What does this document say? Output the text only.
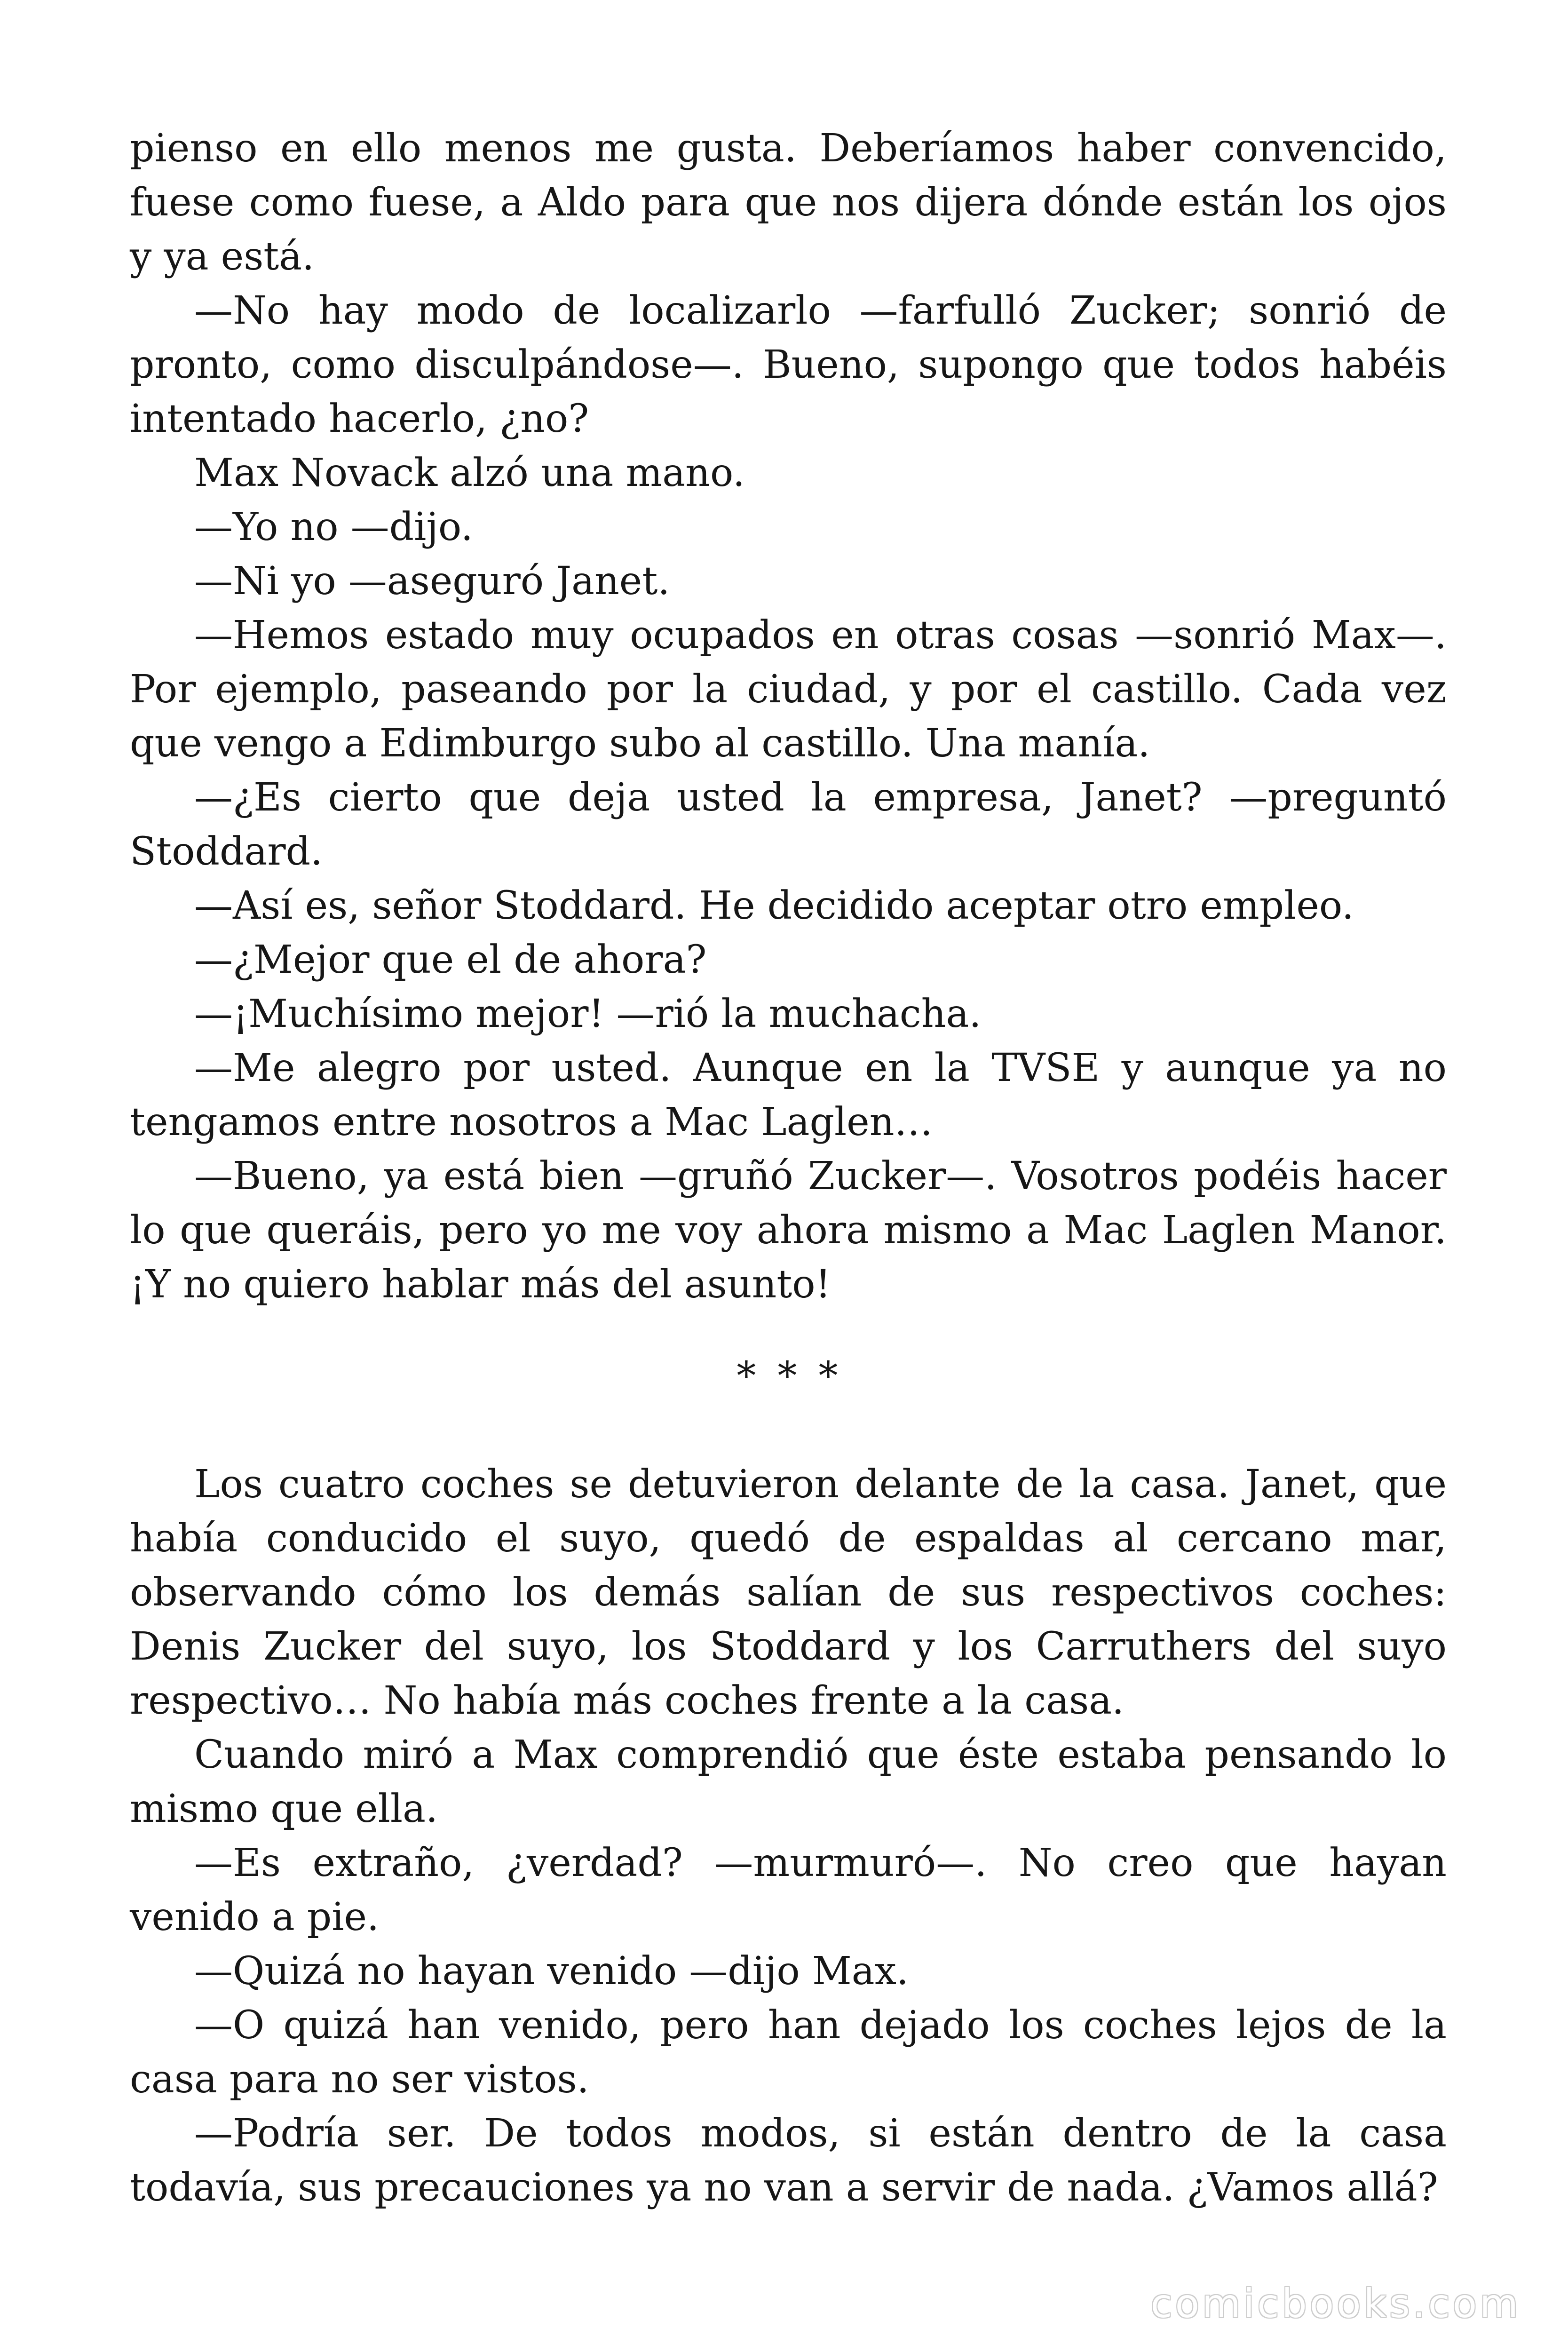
pienso en ello menos me gusta. Deberíamos haber convencido, fuese como fuese, a Aldo para que nos dijera dónde están los ojos y ya está.

—No hay modo de localizarlo —farfulló Zucker; sonrió de pronto, como disculpándose—. Bueno, supongo que todos habéis intentado hacerlo, ¿no?

Max Novack alzó una mano.

—Yo no —dijo.

—Ni yo —aseguró Janet.

—Hemos estado muy ocupados en otras cosas —sonrió Max—. Por ejemplo, paseando por la ciudad, y por el castillo. Cada vez que vengo a Edimburgo subo al castillo. Una manía.

—¿Es cierto que deja usted la empresa, Janet? —preguntó Stoddard.

—Así es, señor Stoddard. He decidido aceptar otro empleo.

—¿Mejor que el de ahora?

—¡Muchísimo mejor! —rió la muchacha.

—Me alegro por usted. Aunque en la TVSE y aunque ya no tengamos entre nosotros a Mac Laglen…

—Bueno, ya está bien —gruñó Zucker—. Vosotros podéis hacer lo que queráis, pero yo me voy ahora mismo a Mac Laglen Manor. ¡Y no quiero hablar más del asunto!

* * *

Los cuatro coches se detuvieron delante de la casa. Janet, que había conducido el suyo, quedó de espaldas al cercano mar, observando cómo los demás salían de sus respectivos coches: Denis Zucker del suyo, los Stoddard y los Carruthers del suyo respectivo… No había más coches frente a la casa.

Cuando miró a Max comprendió que éste estaba pensando lo mismo que ella.

—Es extraño, ¿verdad? —murmuró—. No creo que hayan venido a pie.

—Quizá no hayan venido —dijo Max.

—O quizá han venido, pero han dejado los coches lejos de la casa para no ser vistos.

—Podría ser. De todos modos, si están dentro de la casa todavía, sus precauciones ya no van a servir de nada. ¿Vamos allá?

comicbooks.com
